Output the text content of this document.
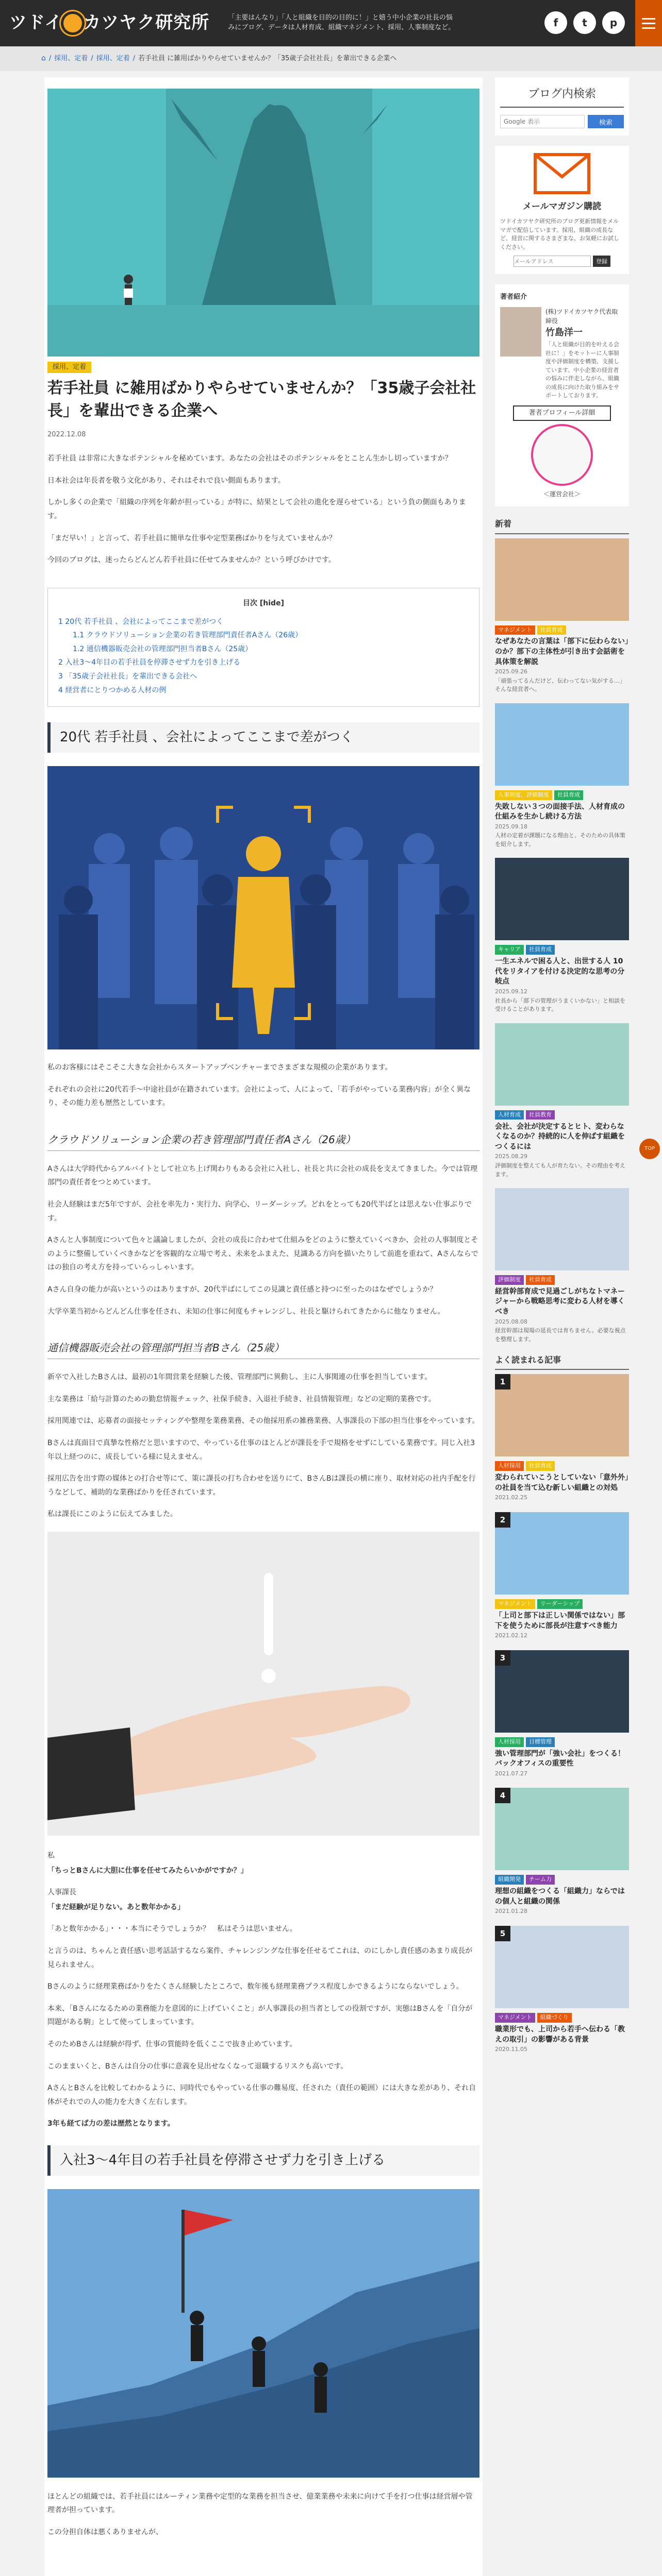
ツドイ カツヤク研究所	「主要はんなり」「人と組織を目的の目的に！」と嬉う中小企業の社長の悩みにブログ、データは人材育成、組織マネジメント、採用、人事制度など。	f	t	p
⌂ / 採用、定着 / 採用、定着 / 若手社員 に雑用ばかりやらせていませんか？「35歳子会社社長」を輩出できる企業へ
採用、定着
若手社員 に雑用ばかりやらせていませんか？「35歳子会社社長」を輩出できる企業へ
2022.12.08

若手社員 は非常に大きなポテンシャルを秘めています。あなたの会社はそのポテンシャルをとことん生かし切っていますか？

日本社会は年長者を敬う文化があり、それはそれで良い側面もあります。

しかし多くの企業で「組織の序列を年齢が担っている」が特に、結果として会社の進化を遅らせている」という負の側面もあります。

「まだ早い！」と言って、若手社員に簡単な仕事や定型業務ばかりを与えていませんか？

今回のブログは、迷ったらどんどん若手社員に任せてみませんか？という呼びかけです。

目次 [hide]
1 20代 若手社員 、会社によってここまで差がつく
1.1 クラウドソリューション企業の若き管理部門責任者Aさん（26歳）
1.2 通信機器販売会社の管理部門担当者Bさん（25歳）
2 入社3〜4年目の若手社員を停滞させず力を引き上げる
3 「35歳子会社社長」を輩出できる会社へ
4 経営者にとりつかめる人材の例
20代 若手社員 、会社によってここまで差がつく

私のお客様にはそこそこ大きな会社からスタートアップベンチャーまでさまざまな規模の企業があります。

それぞれの会社に20代若手～中途社員が在籍されています。会社によって、人によって、「若手がやっている業務内容」が全く異なり、その能力差も歴然としています。

クラウドソリューション企業の若き管理部門責任者Aさん（26歳）

Aさんは大学時代からアルバイトとして社立ち上げ関わりもある会社に入社し、社長と共に会社の成長を支えてきました。今では管理部門の責任者をつとめています。

社会人経験はまだ5年ですが、会社を率先力・実行力、向学心、リーダーシップ。どれをとっても20代半ばとは思えない仕事ぶりです。

Aさんと人事制度について色々と議論しましたが、会社の成長に合わせて仕組みをどのように整えていくべきか、会社の人事制度とそのように整備していくべきかなどを客観的な立場で考え、未来をふまえた、見識ある方向を描いたりして前進を重ねて、Aさんならではの独自の考え方を持っていらっしゃいます。

Aさん自身の能力が高いというのはありますが、20代半ばにしてこの見識と責任感と持つに至ったのはなぜでしょうか？

大学卒業当初からどんどん仕事を任され、未知の仕事に何度もチャレンジし、社長と駆けられてきたからに他なりません。

通信機器販売会社の管理部門担当者Bさん（25歳）

新卒で入社したBさんは、最初の1年間営業を経験した後、管理部門に異動し、主に人事関連の仕事を担当しています。

主な業務は「給与計算のための勤怠情報チェック、社保手続き、入退社手続き、社員情報管理」などの定期的業務です。

採用関連では、応募者の面接セッティングや整理を業務業務、その他採用系の雑務業務、人事課長の下部の担当仕事をやっています。

Bさんは真面目で真摯な性格だと思いますので、やっている仕事のほとんどが課長を手で規格をせずにしている業務です。同じ入社3年以上経つのに、成長している様に見えません。

採用広告を出す際の媒体との打合せ等にて、策に課長の打ち合わせを送りにて、BさんBは課長の横に座り、取材対応の社内手配を行うなどして、補助的な業務ばかりを任されています。

私は課長にこのように伝えてみました。

私

「ちっとBさんに大胆に仕事を任せてみたらいかがですか？」

人事課長

「まだ経験が足りない。あと数年かかる」

「あと数年かかる」・・・本当にそうでしょうか？　私はそうは思いません。

と言うのは、ちゃんと責任感い思考話話するなら案件、チャレンジングな仕事を任せるてこれは、のにしかし責任感のあまり成長が見られません。

Bさんのように経理業務ばかりをたくさん経験したところで、数年後も経理業務プラス程度しかできるようにならないでしょう。

本来、「Bさんになるための業務能力を意図的に上げていくこと」が人事課長の担当者としての役割ですが、実態はBさんを「自分が問題がある駒」として使ってしまっています。

そのためBさんは経験が得ず、仕事の質能時を低くここで抜き止めています。

このままいくと、Bさんは自分の仕事に意義を見出せなくなって退職するリスクも高いです。

AさんとBさんを比較してわかるように、同時代でもやっている仕事の難易度、任された（責任の範囲）には大きな差があり、それ自体がそれでの人の能力を大きく左右します。

3年も経てば力の差は歴然となります。

入社3〜4年目の若手社員を停滞させず力を引き上げる

ほとんどの組織では、若手社員にはルーティン業務や定型的な業務を担当させ、億業業務や未来に向けて手を打つ仕事は経営層や管理者が担っています。

この分担自体は悪くありませんが、

ブログ内検索
Google 表示
検索
メールマガジン購読
ツドイカツヤク研究所のブログ更新情報をメルマガで配信しています。採用、組織の成長など、経営に関するさまざまな、お気軽にお試しください。
メールアドレス
登録
著者紹介
(株)ツドイカツヤク代表取締役
竹島洋一
「人と組織が目的を叶える会社に！」をモットーに人事制度や評価制度を構築、支援しています。中小企業の経営者の悩みに伴走しながら、組織の成長に向けた取り組みをサポートしております。
著者プロフィール詳細
＜運営会社＞
新着
マネジメント 社員育成
なぜあなたの言葉は「部下に伝わらない」のか？部下の主体性が引き出す会話術を具体策を解説
2025.09.26
「頑張ってるんだけど、伝わってない気がする…」そんな経営者へ。
人事制度、評価制度 社員育成
失敗しない３つの面接手法、人材育成の仕組みを生かし続ける方法
2025.09.18
人材の定着が課題になる理由と、そのための具体策を紹介します。
キャリア 社員育成
一生エネルで困る人と、出世する人 10代をリタイアを付ける決定的な思考の分岐点
2025.09.12
社長から「部下の管理がうまくいかない」と相談を受けることがあります。
人材育成 社員教育
会社、会社が決定するとヒト、変わらなくなるのか？持続的に人を伸ばす組織をつくるには
2025.08.29
評価制度を整えても人が育たない。その理由を考えます。
評価制度 社員育成
経営幹部育成で見過ごしがちなトマネージャーから戦略思考に変わる人材を導くべき
2025.08.08
経営幹部は現場の延長では育ちません。必要な視点を整理します。
よく読まれる記事
1
人材採用 社員育成
変わられていこうとしていない「意外外」の社員を当て込む新しい組織との対処
2021.02.25
2
マネジメント リーダーシップ
「上司と部下は正しい関係ではない」部下を使うために部長が注意すべき能力
2021.02.12
3
人材採用 目標管理
強い管理部門が「強い会社」をつくる！バックオフィスの重要性
2021.07.27
4
組織開発 チーム力
理想の組織をつくる「組織力」ならではの個人と組織の関係
2021.01.28
5
マネジメント 組織づくり
職業形でも、上司から若手へ伝わる「教えの取引」の影響がある背景
2020.11.05
TOP
